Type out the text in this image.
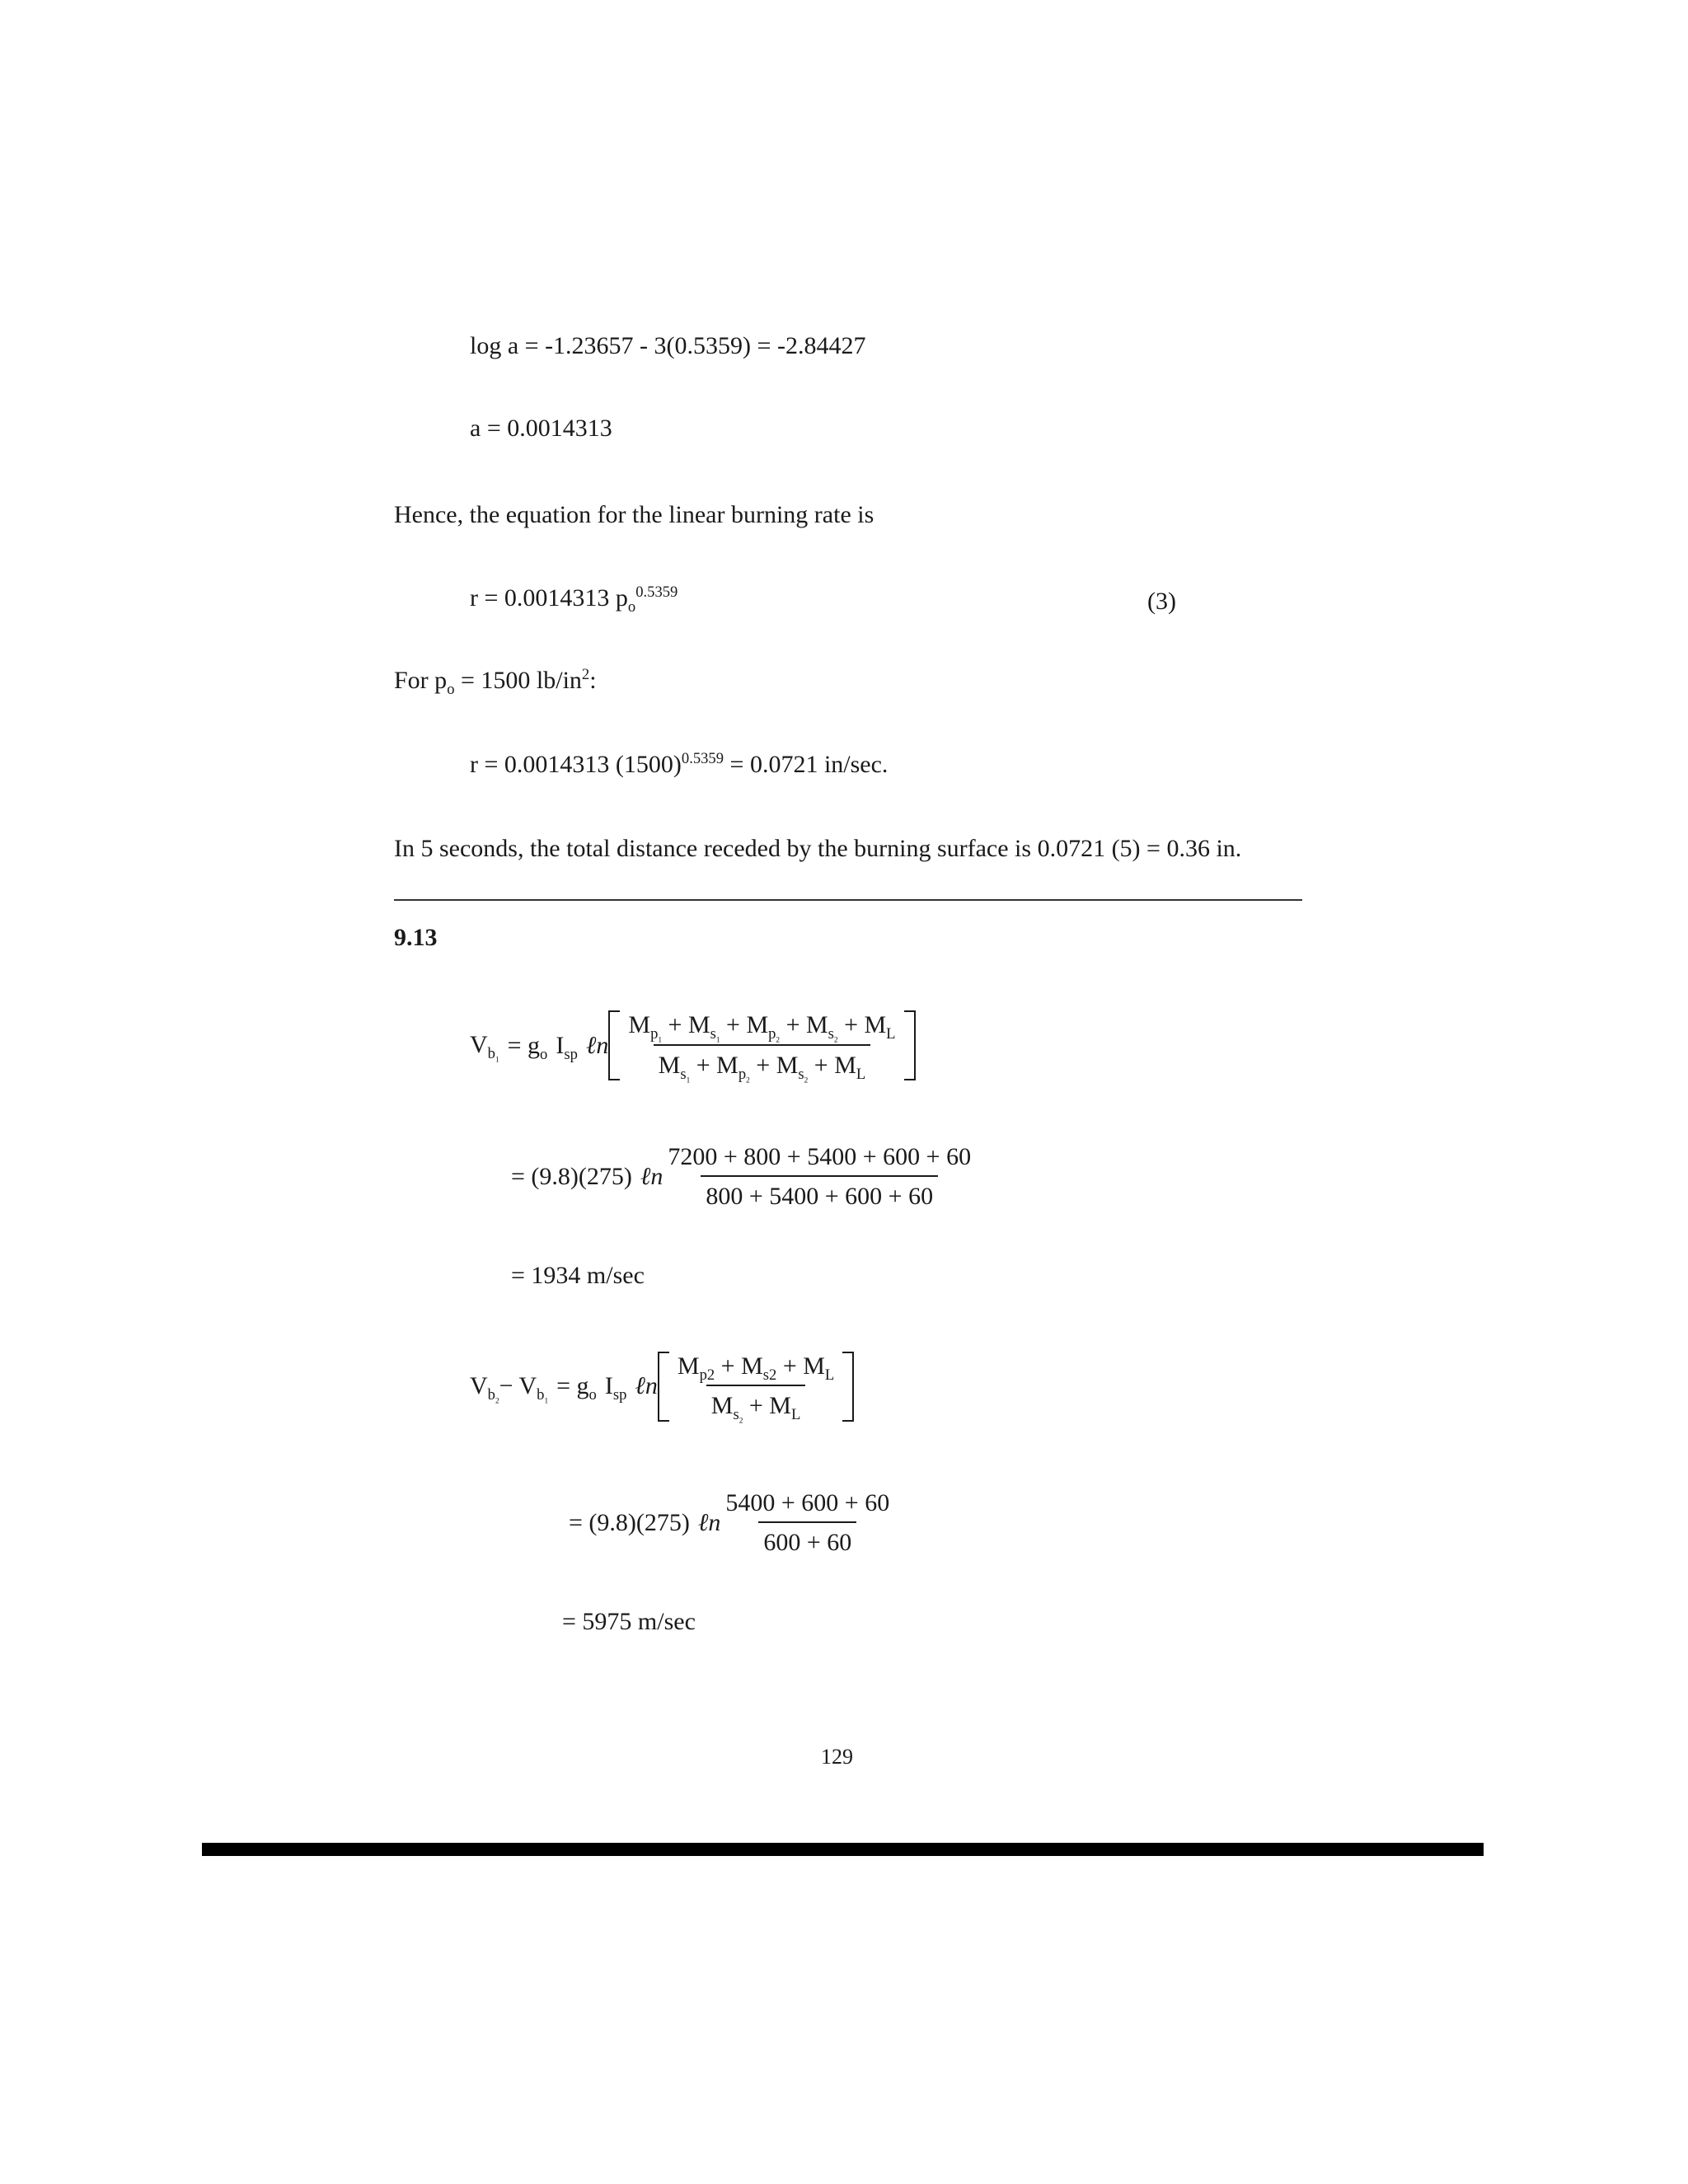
log a = -1.23657 - 3(0.5359) = -2.84427
a = 0.0014313
Hence, the equation for the linear burning rate is
r = 0.0014313 $p_o^{0.5359}$	(3)
For $p_o = 1500$ $lb/in^2$:
r = 0.0014313 $(1500)^{0.5359} = 0.0721$ in/sec.
In 5 seconds, the total distance receded by the burning surface is 0.0721 (5) = 0.36 in.
9.13
$V_{b_1}$
= $g_o$ $I_{sp}$ ℓn $\frac{M_{p_1} + M_{s_1} + M_{p_2} + M_{s_2} + M_L}{M_{s_1} + M_{p_2} + M_{s_2} + M_L}$
= (9.8)(275) ℓn $\frac{7200 + 800 + 5400 + 600 + 60}{800 + 5400 + 600 + 60}$
= 1934 m/sec
$V_{b_2}$
− $V_{b_1}$
= $g_o$ $I_{sp}$ ℓn $\frac{M_{p2} + M_{s2} + M_L}{M_{s_2} + M_L}$
= (9.8)(275) ℓn $\frac{5400 + 600 + 60}{600 + 60}$
= 5975 m/sec
129
